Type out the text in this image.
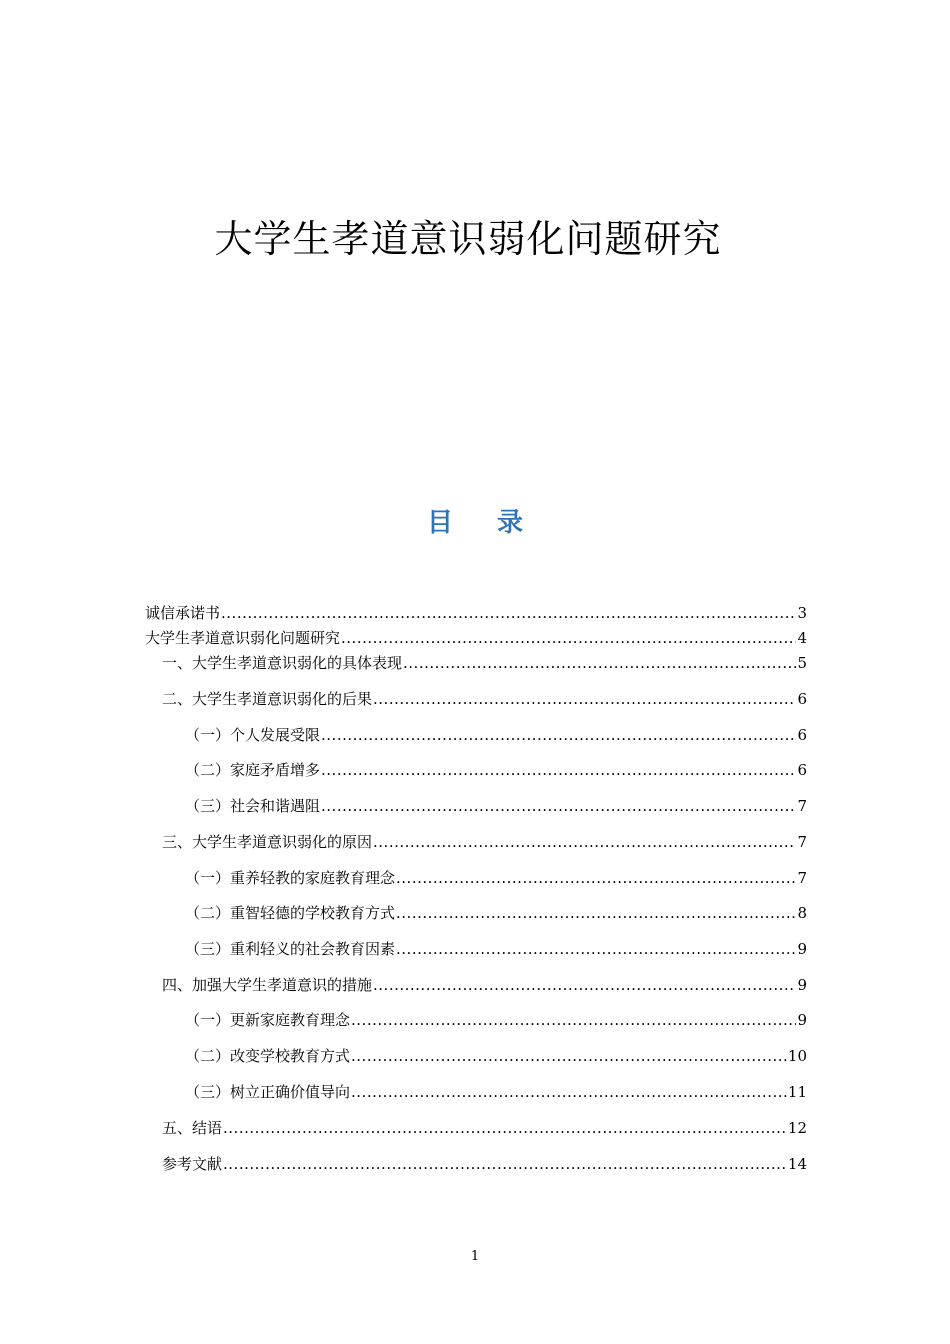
大学生孝道意识弱化问题研究
目 录
诚信承诺书 .....	3
大学生孝道意识弱化问题研究 .....	4
一、大学生孝道意识弱化的具体表现 .....	5
二、大学生孝道意识弱化的后果 .....	6
（一）个人发展受限 .....	6
（二）家庭矛盾增多 .....	6
（三）社会和谐遇阻 .....	7
三、大学生孝道意识弱化的原因 .....	7
（一）重养轻教的家庭教育理念 .....	7
（二）重智轻德的学校教育方式 .....	8
（三）重利轻义的社会教育因素 .....	9
四、加强大学生孝道意识的措施 .....	9
（一）更新家庭教育理念 .....	9
（二）改变学校教育方式 .....	10
（三）树立正确价值导向 .....	11
五、结语 .....	12
参考文献 .....	14
1
